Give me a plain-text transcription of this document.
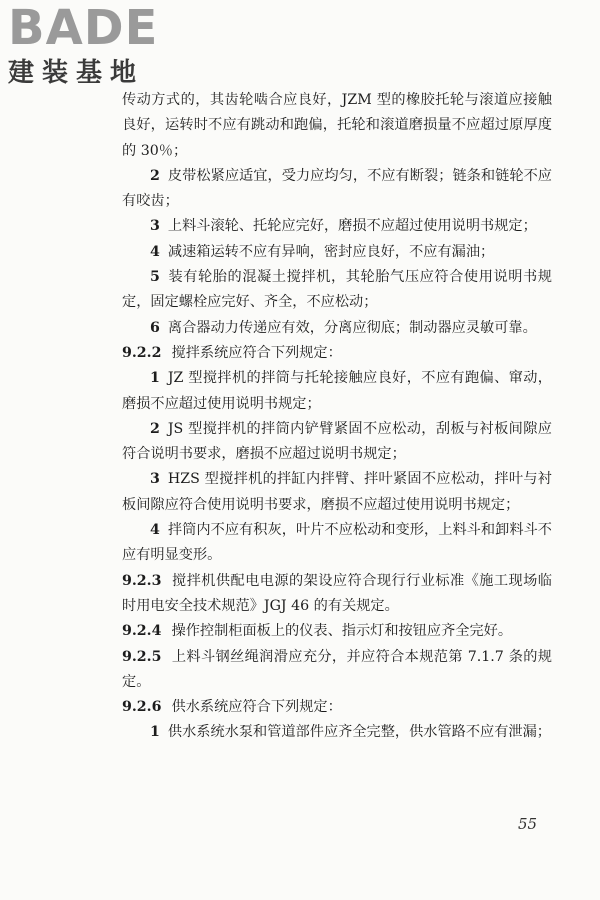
BADE
建装基地

传动方式的，其齿轮啮合应良好，JZM 型的橡胶托轮与滚道应接触良好，运转时不应有跳动和跑偏，托轮和滚道磨损量不应超过原厚度的 30％；

2 皮带松紧应适宜，受力应均匀，不应有断裂；链条和链轮不应有咬齿；

3 上料斗滚轮、托轮应完好，磨损不应超过使用说明书规定；

4 减速箱运转不应有异响，密封应良好，不应有漏油；

5 装有轮胎的混凝土搅拌机，其轮胎气压应符合使用说明书规定，固定螺栓应完好、齐全，不应松动；

6 离合器动力传递应有效，分离应彻底；制动器应灵敏可靠。

9.2.2 搅拌系统应符合下列规定：

1 JZ 型搅拌机的拌筒与托轮接触应良好，不应有跑偏、窜动，磨损不应超过使用说明书规定；

2 JS 型搅拌机的拌筒内铲臂紧固不应松动，刮板与衬板间隙应符合说明书要求，磨损不应超过说明书规定；

3 HZS 型搅拌机的拌缸内拌臂、拌叶紧固不应松动，拌叶与衬板间隙应符合使用说明书要求，磨损不应超过使用说明书规定；

4 拌筒内不应有积灰，叶片不应松动和变形，上料斗和卸料斗不应有明显变形。

9.2.3 搅拌机供配电电源的架设应符合现行行业标准《施工现场临时用电安全技术规范》JGJ 46 的有关规定。

9.2.4 操作控制柜面板上的仪表、指示灯和按钮应齐全完好。

9.2.5 上料斗钢丝绳润滑应充分，并应符合本规范第 7.1.7 条的规定。

9.2.6 供水系统应符合下列规定：

1 供水系统水泵和管道部件应齐全完整，供水管路不应有泄漏；

55
